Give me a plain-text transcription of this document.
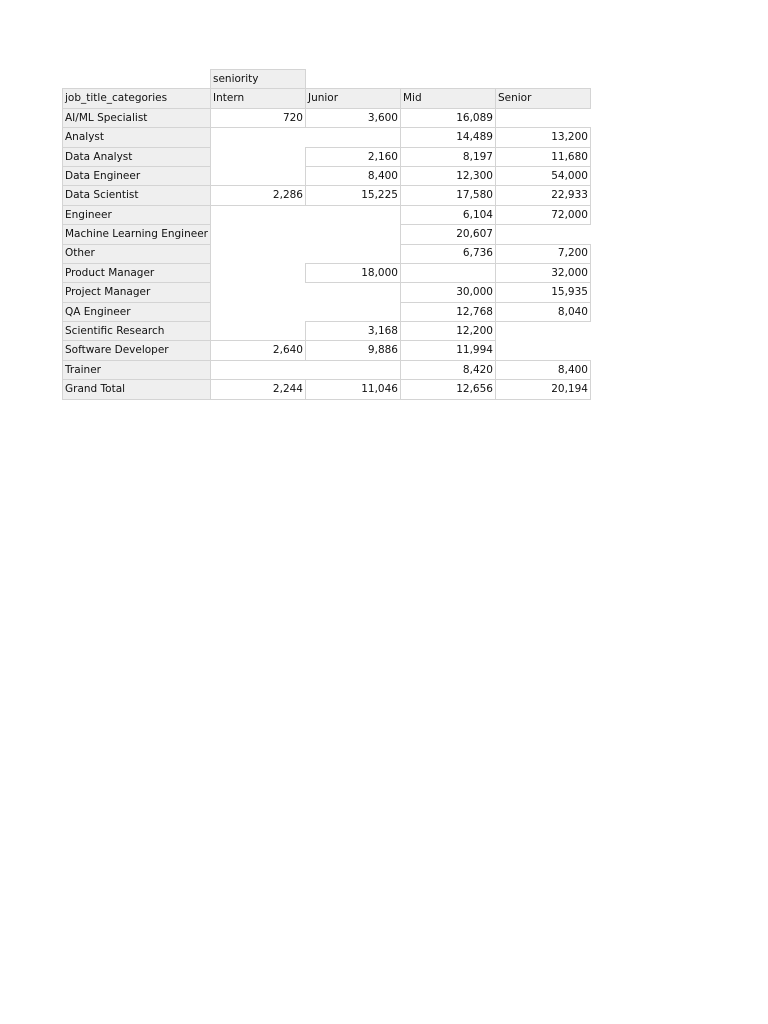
	seniority			
job_title_categories	Intern	Junior	Mid	Senior
AI/ML Specialist	720	3,600	16,089	
Analyst			14,489	13,200
Data Analyst		2,160	8,197	11,680
Data Engineer		8,400	12,300	54,000
Data Scientist	2,286	15,225	17,580	22,933
Engineer			6,104	72,000
Machine Learning Engineer			20,607	
Other			6,736	7,200
Product Manager		18,000		32,000
Project Manager			30,000	15,935
QA Engineer			12,768	8,040
Scientific Research		3,168	12,200	
Software Developer	2,640	9,886	11,994	
Trainer			8,420	8,400
Grand Total	2,244	11,046	12,656	20,194
